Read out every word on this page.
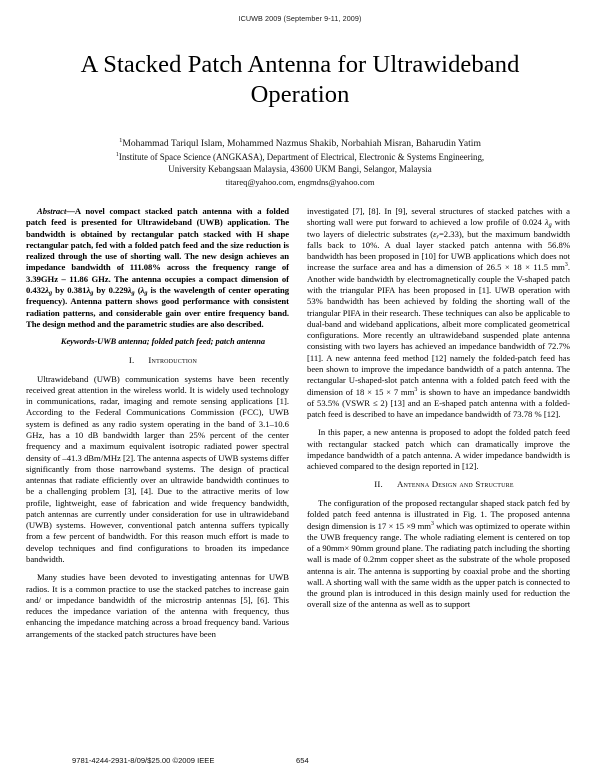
ICUWB 2009 (September 9-11, 2009)
A Stacked Patch Antenna for Ultrawideband Operation
$^1$Mohammad Tariqul Islam, Mohammed Nazmus Shakib, Norbahiah Misran, Baharudin Yatim
$^1$Institute of Space Science (ANGKASA), Department of Electrical, Electronic & Systems Engineering,
University Kebangsaan Malaysia, 43600 UKM Bangi, Selangor, Malaysia
titareq@yahoo.com, engmdns@yahoo.com

Abstract—A novel compact stacked patch antenna with a folded patch feed is presented for Ultrawideband (UWB) application. The bandwidth is obtained by rectangular patch stacked with H shape rectangular patch, fed with a folded patch feed and the size reduction is realized through the use of shorting wall. The new design achieves an impedance bandwidth of 111.08% across the frequency range of 3.39GHz – 11.86 GHz. The antenna occupies a compact dimension of $0.432\lambda_g$ by $0.381\lambda_g$ by $0.229\lambda_g$ ($\lambda_g$ is the wavelength of center operating frequency). Antenna pattern shows good performance with consistent radiation patterns, and considerable gain over entire frequency band. The design method and the parametric studies are also described.

Keywords-UWB antenna; folded patch feed; patch antenna

I. Introduction

Ultrawideband (UWB) communication systems have been recently received great attention in the wireless world. It is widely used technology in communications, radar, imaging and remote sensing applications [1]. According to the Federal Communications Commission (FCC), UWB system is defined as any radio system operating in the band of 3.1–10.6 GHz, has a 10 dB bandwidth larger than 25% percent of the center frequency and a maximum equivalent isotropic radiated power spectral density of –41.3 dBm/MHz [2]. The antenna aspects of UWB systems differ significantly from those narrowband systems. The design of practical antennas that radiate efficiently over an ultrawide bandwidth continues to be a challenging problem [3], [4]. Due to the attractive merits of low profile, lightweight, ease of fabrication and wide frequency bandwidth, patch antennas are currently under consideration for use in ultrawideband (UWB) systems. However, conventional patch antenna suffers typically from a few percent of bandwidth. For this reason much effort is made to develop techniques and find configurations to broaden its impedance bandwidth.

Many studies have been devoted to investigating antennas for UWB radios. It is a common practice to use the stacked patches to increase gain and/ or impedance bandwidth of the microstrip antennas [5], [6]. This reduces the impedance variation of the antenna with frequency, thus enhancing the impedance matching across a broad frequency band. Various arrangements of the stacked patch structures have been

investigated [7], [8]. In [9], several structures of stacked patches with a shorting wall were put forward to achieved a low profile of 0.024 $\lambda_g$ with two layers of dielectric substrates $(\varepsilon_r=2.33)$, but the maximum bandwidth falls back to 10%. A dual layer stacked patch antenna with 56.8% bandwidth has been proposed in [10] for UWB applications which does not increase the surface area and has a dimension of 26.5 × 18 × 11.5 $mm^3$. Another wide bandwidth by electromagnetically couple the V-shaped patch with the triangular PIFA has been proposed in [1]. UWB operation with 53% bandwidth has been achieved by folding the shorting wall of the triangular PIFA in their research. These techniques can also be applicable to dual-band and wideband applications, albeit more complicated geometrical configurations. More recently an ultrawideband suspended plate antenna consisting with two layers has achieved an impedance bandwidth of 72.7% [11]. A new antenna feed method [12] namely the folded-patch feed has been shown to improve the impedance bandwidth of a patch antenna. The rectangular U-shaped-slot patch antenna with a folded patch feed with the dimension of 18 × 15 × 7 $mm^3$ is shown to have an impedance bandwidth of 53.5% (VSWR ≤ 2) [13] and an E-shaped patch antenna with a folded-patch feed is described to have an impedance bandwidth of 73.78 % [12].

In this paper, a new antenna is proposed to adopt the folded patch feed with rectangular stacked patch which can dramatically improve the impedance bandwidth of a patch antenna. A wider impedance bandwidth is achieved compared to the design reported in [12].

II. Antenna Design and Structure

The configuration of the proposed rectangular shaped stack patch fed by folded patch feed antenna is illustrated in Fig. 1. The proposed antenna design dimension is 17 × 15 ×9 $mm^3$ which was optimized to operate within the UWB frequency range. The whole radiating element is centered on top of a 90mm× 90mm ground plane. The radiating patch including the shorting wall is made of 0.2mm copper sheet as the substrate of the whole proposed antenna is air. The antenna is supporting by coaxial probe and the shorting wall. A shorting wall with the same width as the upper patch is connected to the ground plan is introduced in this design mainly used for reduction the overall size of the antenna as well as to support

9781-4244-2931-8/09/$25.00 ©2009 IEEE	654
